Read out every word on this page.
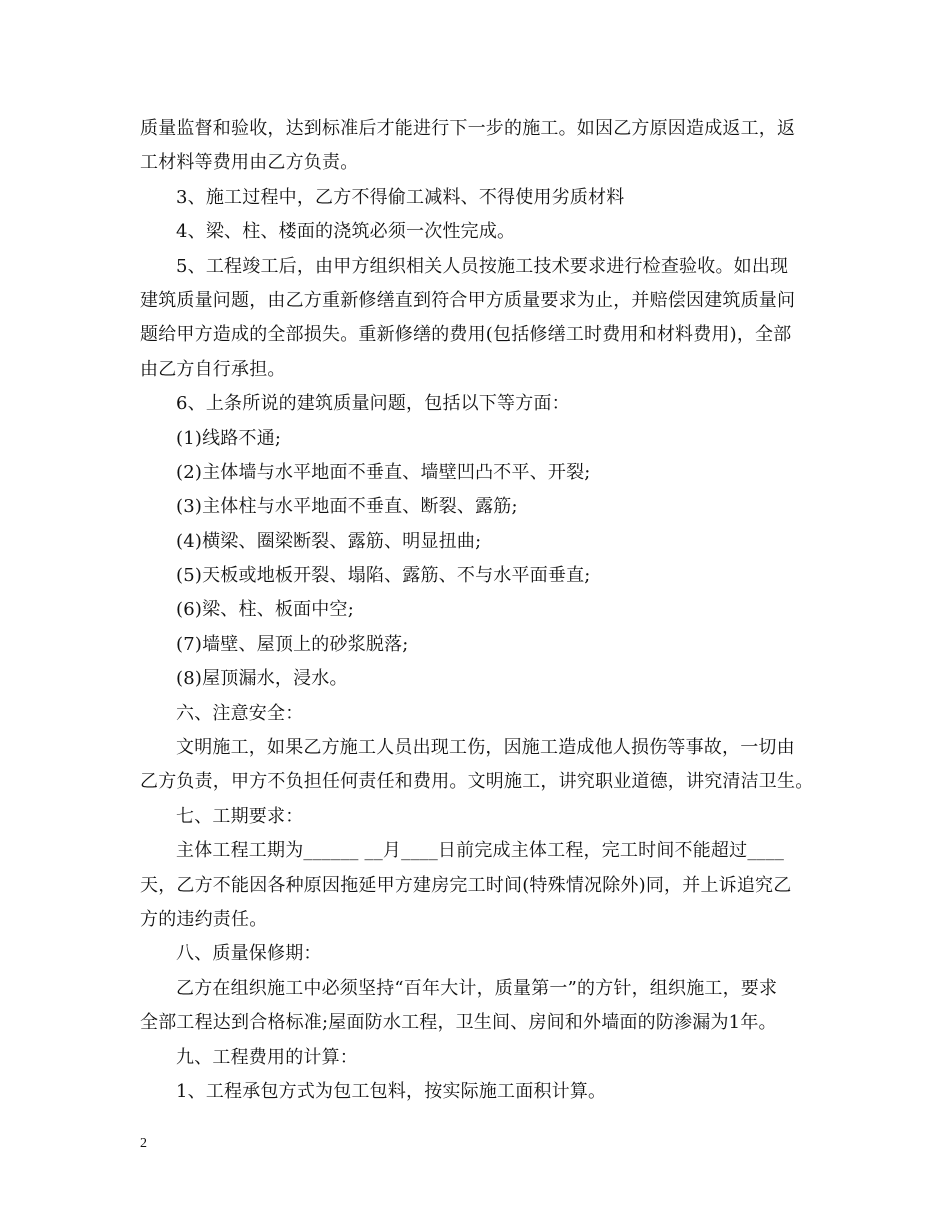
质量监督和验收，达到标准后才能进行下一步的施工。如因乙方原因造成返工，返
工材料等费用由乙方负责。
3、施工过程中，乙方不得偷工减料、不得使用劣质材料
4、梁、柱、楼面的浇筑必须一次性完成。
5、工程竣工后，由甲方组织相关人员按施工技术要求进行检查验收。如出现
建筑质量问题，由乙方重新修缮直到符合甲方质量要求为止，并赔偿因建筑质量问
题给甲方造成的全部损失。重新修缮的费用(包括修缮工时费用和材料费用)，全部
由乙方自行承担。
6、上条所说的建筑质量问题，包括以下等方面：
(1)线路不通;
(2)主体墙与水平地面不垂直、墙壁凹凸不平、开裂;
(3)主体柱与水平地面不垂直、断裂、露筋;
(4)横梁、圈梁断裂、露筋、明显扭曲;
(5)天板或地板开裂、塌陷、露筋、不与水平面垂直;
(6)梁、柱、板面中空;
(7)墙壁、屋顶上的砂浆脱落;
(8)屋顶漏水，浸水。
六、注意安全：
文明施工，如果乙方施工人员出现工伤，因施工造成他人损伤等事故，一切由
乙方负责，甲方不负担任何责任和费用。文明施工，讲究职业道德，讲究清洁卫生。
七、工期要求：
主体工程工期为______ __月____日前完成主体工程，完工时间不能超过____
天，乙方不能因各种原因拖延甲方建房完工时间(特殊情况除外)同，并上诉追究乙
方的违约责任。
八、质量保修期：
乙方在组织施工中必须坚持“百年大计，质量第一”的方针，组织施工，要求
全部工程达到合格标准;屋面防水工程，卫生间、房间和外墙面的防渗漏为1年。
九、工程费用的计算：
1、工程承包方式为包工包料，按实际施工面积计算。
2
